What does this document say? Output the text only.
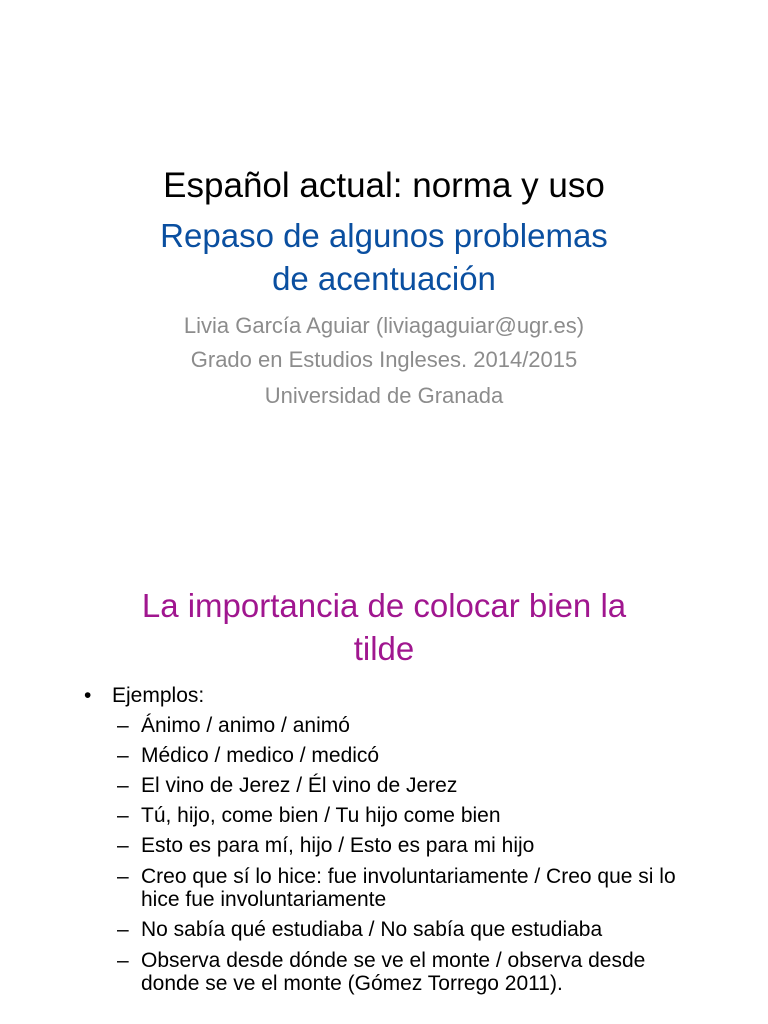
Español actual: norma y uso
Repaso de algunos problemas
de acentuación
Livia García Aguiar (liviagaguiar@ugr.es)
Grado en Estudios Ingleses. 2014/2015
Universidad de Granada
La importancia de colocar bien la
tilde
• Ejemplos:
– Ánimo / animo / animó
– Médico / medico / medicó
– El vino de Jerez / Él vino de Jerez
– Tú, hijo, come bien / Tu hijo come bien
– Esto es para mí, hijo / Esto es para mi hijo
– Creo que sí lo hice: fue involuntariamente / Creo que si lo hice fue involuntariamente
– No sabía qué estudiaba / No sabía que estudiaba
– Observa desde dónde se ve el monte / observa desde donde se ve el monte (Gómez Torrego 2011).
